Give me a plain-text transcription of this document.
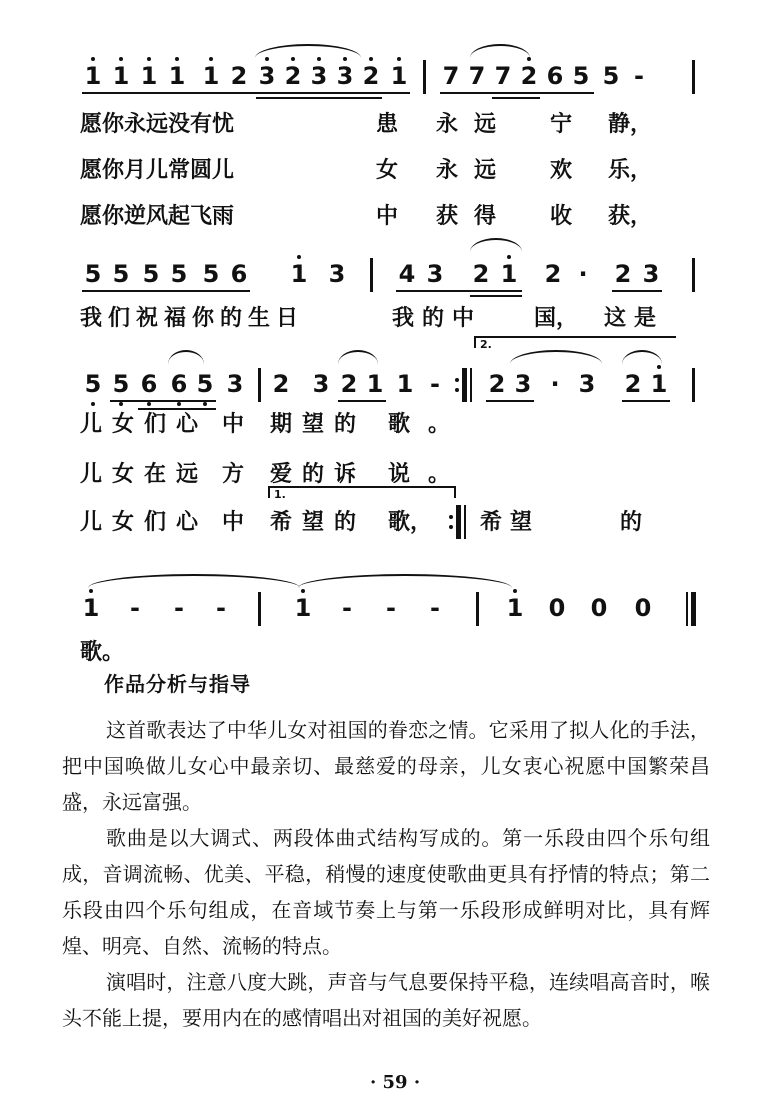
1 1 1 1 1 2 3 2 3 3 2 1 7 7 7 2 6 5 5 -
愿你永远没有忧	患 永远 宁 静，
愿你月儿常圆儿	女 永远 欢 乐，
愿你逆风起飞雨	中 获得 收 获，
5 5 5 5 5 6 1 3 4 3 2 1 2 · 2 3
我们祝福你的生日	我的中 国， 这是
2.
5 5 6 6 5 3 2 3 2 1 1 - 2 3 · 3 2 1
儿女们心 中 期望的 歌 。
儿女在远 方 爱的诉 说 。
1.
儿女们心 中 希望的 歌， 希望	的
1 - - -	1 - - -	1 0 0 0
歌。
作品分析与指导

这首歌表达了中华儿女对祖国的眷恋之情。它采用了拟人化的手法，把中国唤做儿女心中最亲切、最慈爱的母亲，儿女衷心祝愿中国繁荣昌盛，永远富强。

歌曲是以大调式、两段体曲式结构写成的。第一乐段由四个乐句组成，音调流畅、优美、平稳，稍慢的速度使歌曲更具有抒情的特点；第二乐段由四个乐句组成，在音域节奏上与第一乐段形成鲜明对比，具有辉煌、明亮、自然、流畅的特点。

演唱时，注意八度大跳，声音与气息要保持平稳，连续唱高音时，喉头不能上提，要用内在的感情唱出对祖国的美好祝愿。

· 59 ·
